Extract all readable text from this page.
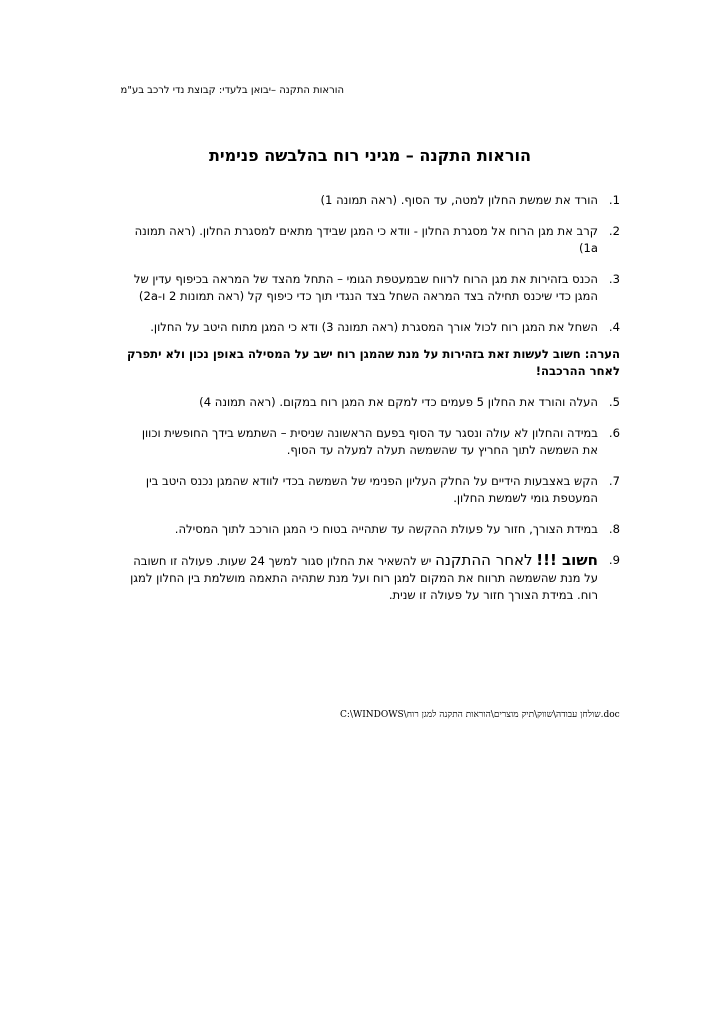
הוראות התקנה –יבואן בלעדי: קבוצת נדי לרכב בע"מ
הוראות התקנה – מגיני רוח בהלבשה פנימית
1.
הורד את שמשת החלון למטה, עד הסוף. (ראה תמונה 1)
2.
קרב את מגן הרוח אל מסגרת החלון - וודא כי המגן שבידך מתאים למסגרת החלון. (ראה תמונה 1a)
3.
הכנס בזהירות את מגן הרוח לרווח שבמעטפת הגומי – התחל מהצד של המראה בכיפוף עדין של המגן כדי שיכנס תחילה בצד המראה השחל בצד הנגדי תוך כדי כיפוף קל (ראה תמונות 2 ו-2a)
4.
השחל את המגן רוח לכול אורך המסגרת (ראה תמונה 3) ודא כי המגן מתוח היטב על החלון.
הערה: חשוב לעשות זאת בזהירות על מנת שהמגן רוח ישב על המסילה באופן נכון ולא יתפרק לאחר ההרכבה!
5.
העלה והורד את החלון 5 פעמים כדי למקם את המגן רוח במקום. (ראה תמונה 4)
6.
במידה והחלון לא עולה ונסגר עד הסוף בפעם הראשונה שניסית – השתמש בידך החופשית וכוון את השמשה לתוך החריץ עד שהשמשה תעלה למעלה עד הסוף.
7.
הקש באצבעות הידיים על החלק העליון הפנימי של השמשה בכדי לוודא שהמגן נכנס היטב בין המעטפת גומי לשמשת החלון.
8.
במידת הצורך, חזור על פעולת ההקשה עד שתהייה בטוח כי המגן הורכב לתוך המסילה.
9.
חשוב !!! לאחר ההתקנה יש להשאיר את החלון סגור למשך 24 שעות. פעולה זו חשובה על מנת שהשמשה תרווח את המקום למגן רוח ועל מנת שתהיה התאמה מושלמת בין החלון למגן רוח. במידת הצורך חזור על פעולה זו שנית.
C:\WINDOWS\שולחן עבודה\שווק\תיק מוצרים\הוראות התקנה למגן רוח.doc
